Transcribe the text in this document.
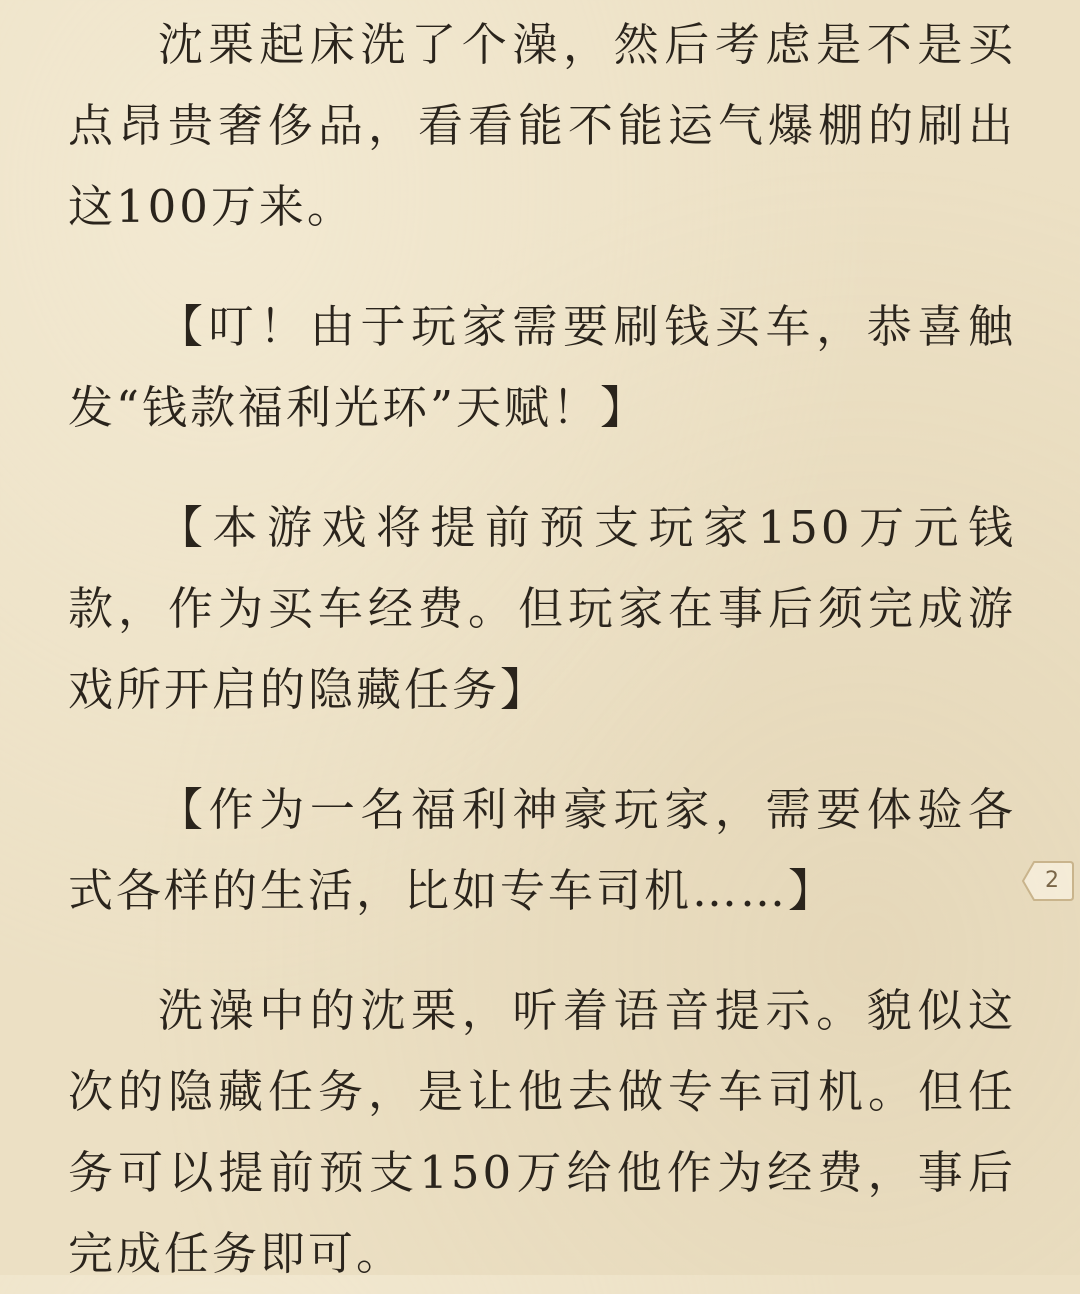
沈栗起床洗了个澡，然后考虑是不是买点昂贵奢侈品，看看能不能运气爆棚的刷出这100万来。

【叮！由于玩家需要刷钱买车，恭喜触发“钱款福利光环”天赋！】

【本游戏将提前预支玩家150万元钱款，作为买车经费。但玩家在事后须完成游戏所开启的隐藏任务】

【作为一名福利神豪玩家，需要体验各式各样的生活，比如专车司机……】

洗澡中的沈栗，听着语音提示。貌似这次的隐藏任务，是让他去做专车司机。但任务可以提前预支150万给他作为经费，事后完成任务即可。

2
